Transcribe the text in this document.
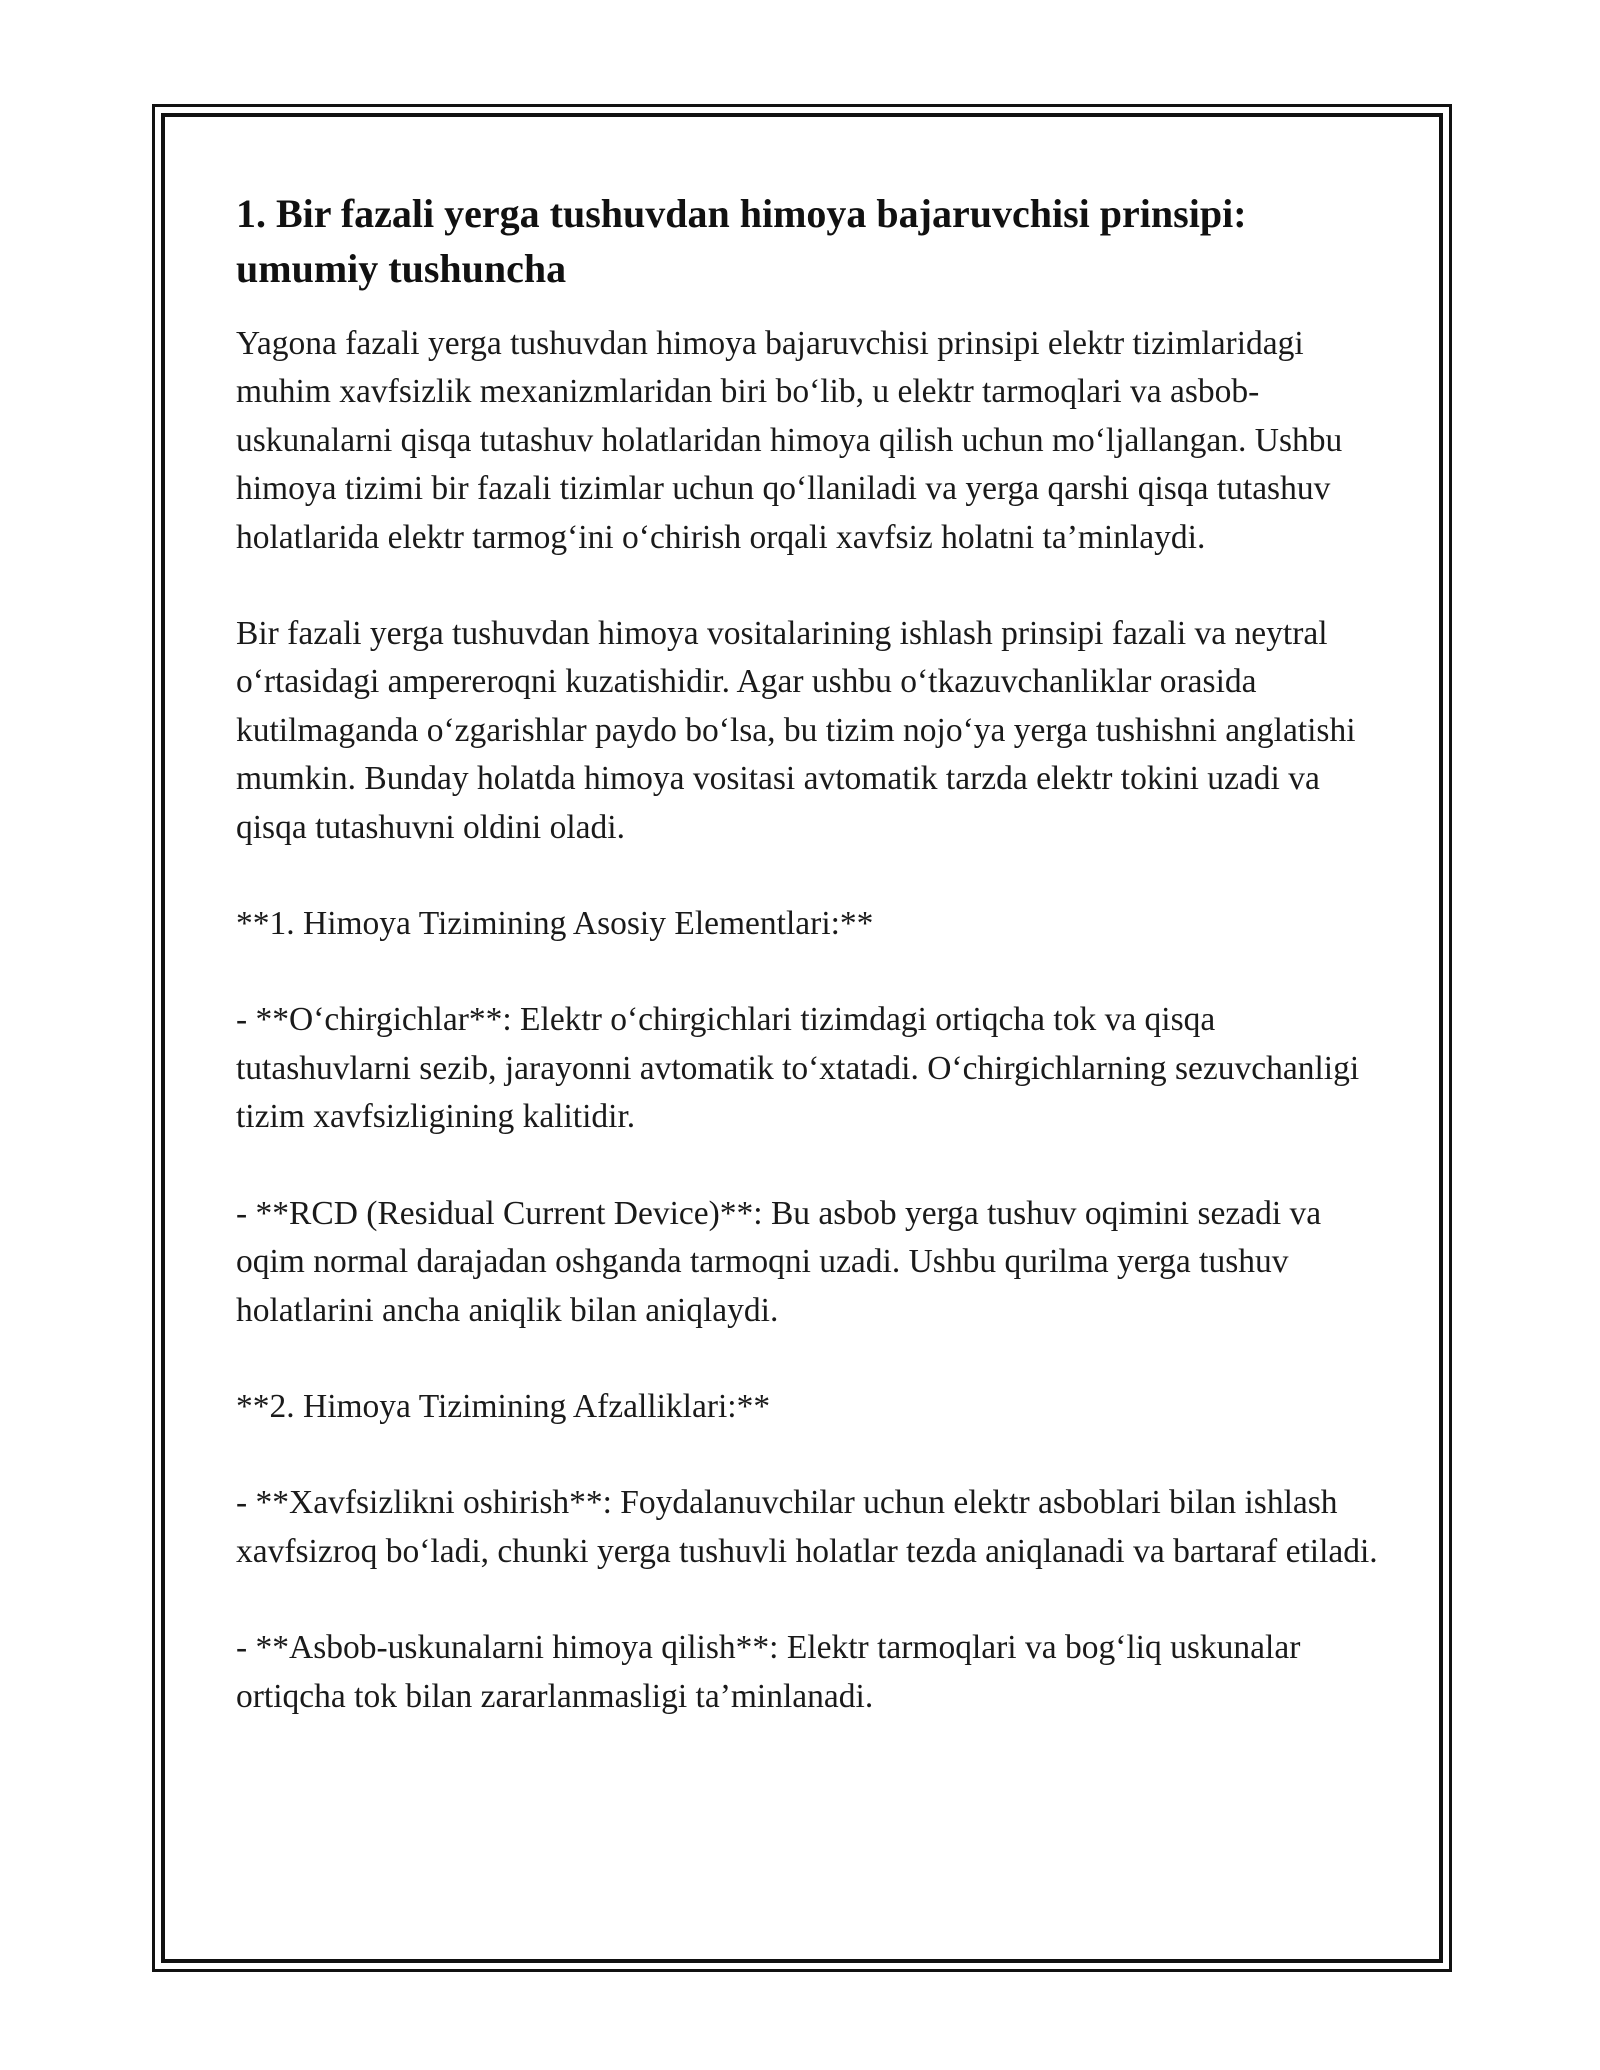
1. Bir fazali yerga tushuvdan himoya bajaruvchisi prinsipi: umumiy tushuncha

Yagona fazali yerga tushuvdan himoya bajaruvchisi prinsipi elektr tizimlaridagi muhim xavfsizlik mexanizmlaridan biri bo‘lib, u elektr tarmoqlari va asbob-uskunalarni qisqa tutashuv holatlaridan himoya qilish uchun mo‘ljallangan. Ushbu himoya tizimi bir fazali tizimlar uchun qo‘llaniladi va yerga qarshi qisqa tutashuv holatlarida elektr tarmog‘ini o‘chirish orqali xavfsiz holatni ta’minlaydi.

Bir fazali yerga tushuvdan himoya vositalarining ishlash prinsipi fazali va neytral o‘rtasidagi ampereroqni kuzatishidir. Agar ushbu o‘tkazuvchanliklar orasida kutilmaganda o‘zgarishlar paydo bo‘lsa, bu tizim nojo‘ya yerga tushishni anglatishi mumkin. Bunday holatda himoya vositasi avtomatik tarzda elektr tokini uzadi va qisqa tutashuvni oldini oladi.

**1. Himoya Tizimining Asosiy Elementlari:**

- **O‘chirgichlar**: Elektr o‘chirgichlari tizimdagi ortiqcha tok va qisqa tutashuvlarni sezib, jarayonni avtomatik to‘xtatadi. O‘chirgichlarning sezuvchanligi tizim xavfsizligining kalitidir.

- **RCD (Residual Current Device)**: Bu asbob yerga tushuv oqimini sezadi va oqim normal darajadan oshganda tarmoqni uzadi. Ushbu qurilma yerga tushuv holatlarini ancha aniqlik bilan aniqlaydi.

**2. Himoya Tizimining Afzalliklari:**

- **Xavfsizlikni oshirish**: Foydalanuvchilar uchun elektr asboblari bilan ishlash xavfsizroq bo‘ladi, chunki yerga tushuvli holatlar tezda aniqlanadi va bartaraf etiladi.

- **Asbob-uskunalarni himoya qilish**: Elektr tarmoqlari va bog‘liq uskunalar ortiqcha tok bilan zararlanmasligi ta’minlanadi.
